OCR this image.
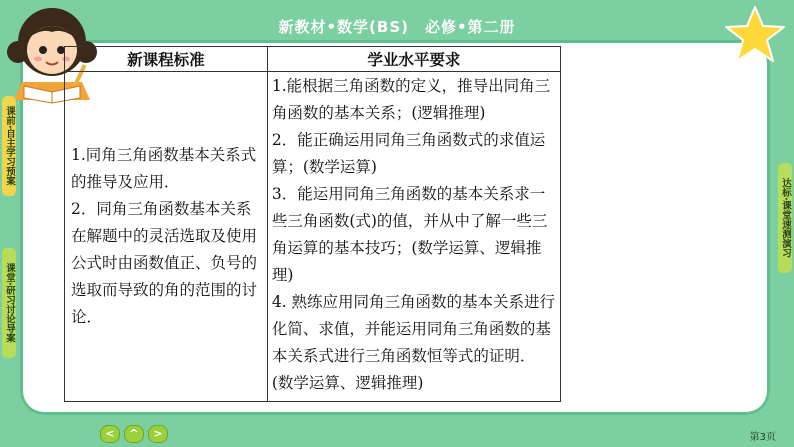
新教材•数学(BS)　必修•第二册
课前·自主学习预案
课堂·研习讨论导案
达标·课堂速测演习
新课程标准	学业水平要求

1.同角三角函数基本关系式的推导及应用．
2．同角三角函数基本关系在解题中的灵活选取及使用公式时由函数值正、负号的选取而导致的角的范围的讨论．	1.能根据三角函数的定义，推导出同角三角函数的基本关系；(逻辑推理)
2．能正确运用同角三角函数式的求值运算；(数学运算)
3．能运用同角三角函数的基本关系求一些三角函数(式)的值，并从中了解一些三角运算的基本技巧；(数学运算、逻辑推理)
4. 熟练应用同角三角函数的基本关系进行化简、求值，并能运用同角三角函数的基本关系式进行三角函数恒等式的证明．(数学运算、逻辑推理)
<	^	>	第3页
